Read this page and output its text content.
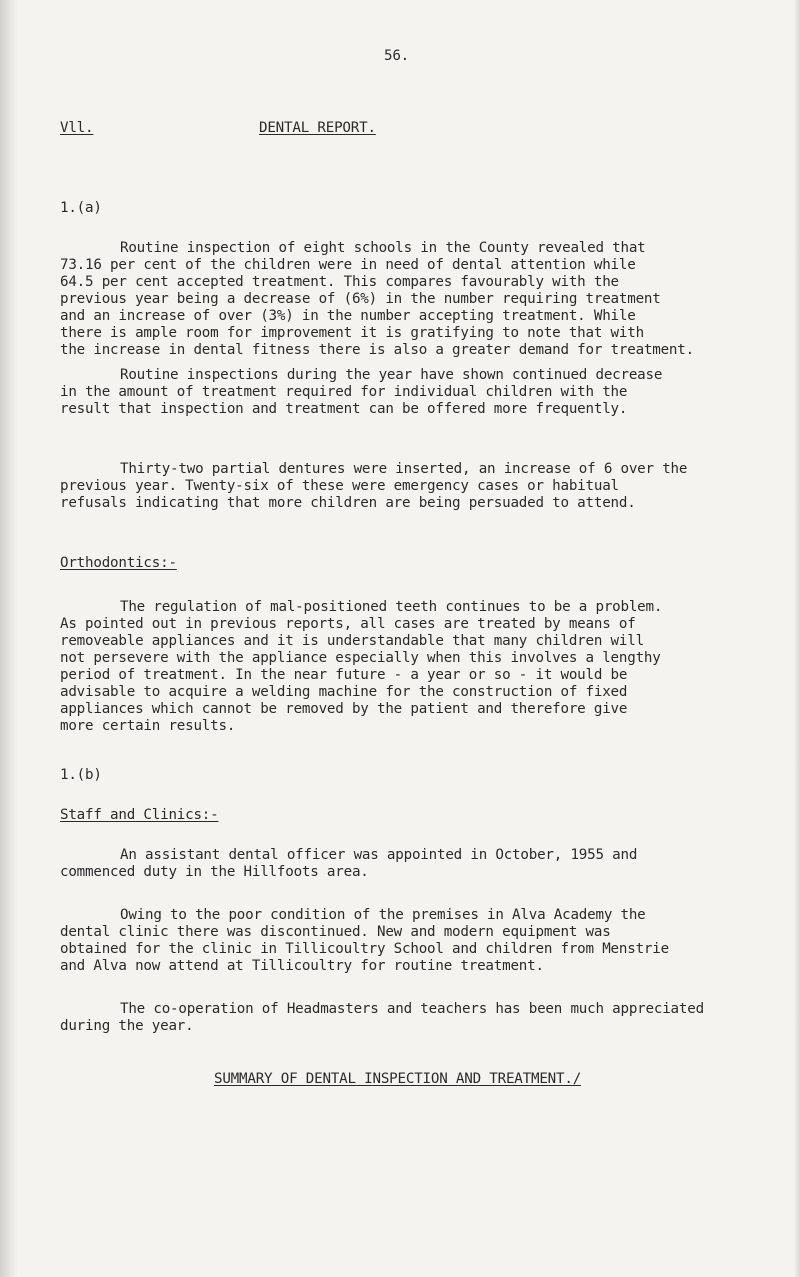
56.
Vll.	DENTAL REPORT.
1.(a)
Routine inspection of eight schools in the County revealed that
73.16 per cent of the children were in need of dental attention while
64.5 per cent accepted treatment. This compares favourably with the
previous year being a decrease of (6%) in the number requiring treatment
and an increase of over (3%) in the number accepting treatment. While
there is ample room for improvement it is gratifying to note that with
the increase in dental fitness there is also a greater demand for treatment.
Routine inspections during the year have shown continued decrease
in the amount of treatment required for individual children with the
result that inspection and treatment can be offered more frequently.
Thirty-two partial dentures were inserted, an increase of 6 over the
previous year. Twenty-six of these were emergency cases or habitual
refusals indicating that more children are being persuaded to attend.
Orthodontics:-
The regulation of mal-positioned teeth continues to be a problem.
As pointed out in previous reports, all cases are treated by means of
removeable appliances and it is understandable that many children will
not persevere with the appliance especially when this involves a lengthy
period of treatment. In the near future - a year or so - it would be
advisable to acquire a welding machine for the construction of fixed
appliances which cannot be removed by the patient and therefore give
more certain results.
1.(b)
Staff and Clinics:-
An assistant dental officer was appointed in October, 1955 and
commenced duty in the Hillfoots area.
Owing to the poor condition of the premises in Alva Academy the
dental clinic there was discontinued. New and modern equipment was
obtained for the clinic in Tillicoultry School and children from Menstrie
and Alva now attend at Tillicoultry for routine treatment.
The co-operation of Headmasters and teachers has been much appreciated
during the year.
SUMMARY OF DENTAL INSPECTION AND TREATMENT./
